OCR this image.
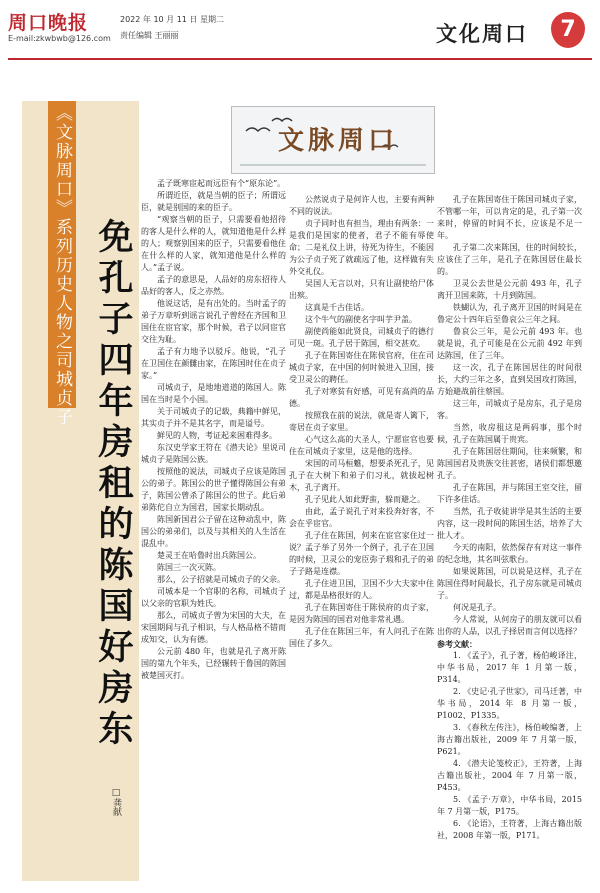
周口晚报
E-mail:zkwbwb@126.com
2022 年 10 月 11 日 星期二
责任编辑 王丽丽	文化周口	7
文脉周口
《文脉周口》系列历史人物之司城贞子 免孔子四年房租的陈国好房东
□龚献

孟子既寒宦起而远臣有个“原东论”。

所谓近臣，就是当朝的臣子；所谓远臣，就是别国的来的臣子。

“观察当朝的臣子，只需要看他招待的客人是什么样的人，就知道他是什么样的人；观察别国来的臣子，只需要看他住在什么样的人家，就知道他是什么样的人。”孟子说。

孟子的意思是，人品好的房东招待人品好的客人，反之亦然。

他说这话，是有出处的。当时孟子的弟子万章听到谣言说孔子曾经在齐国和卫国住在宦官家，那个时候，君子以同宦官交往为耻。

孟子有力地予以驳斥。他说，“孔子在卫国住在颜雠由家，在陈国时住在贞子家。”

司城贞子，是地地道道的陈国人。陈国在当时是个小国。

关于司城贞子的记载，典籍中鲜见，其实贞子并不是其名字，而是谥号。

鲜见的人物，考证起来困难得多。

东汉史学家王符在《潜夫论》里说司城贞子是陈国公族。

按照他的说法，司城贞子应该是陈国公的弟子。陈国公的世子懂得陈国公有弟子，陈国公曾杀了陈国公的世子。此后弟弟陈佗自立为国君，国家长期动乱。

陈国新国君公子留在这种动乱中，陈国公的弟弟们，以及与其相关的人生活在混乱中。

楚灵王在哈鲁时出兵陈国公。

陈国三一次灭陈。

那么，公子招就是司城贞子的父亲。

司城本是一个官职的名称，司城贞子以父亲的官职为姓氏。

那么，司城贞子曾为宋国的大夫，在宋国期间与孔子相识，与人格品格不错而成知交，认为有德。

公元前 480 年，也就是孔子离开陈国的第九个年头，已经辗转于鲁国的陈国被楚国灭打。

公然说贞子是何许人也，主要有两种不同的说法。

贞子同时也有担当，理由有两条：一是我们是国家的使者，君子不能有辱使命；二是礼仪上讲，待死为待生，不能因为公子贞子死了就疏远了他，这样做有失外交礼仪。

吴国人无言以对，只有让副使给尸体出殡。

这真是千古佳话。

这个牛气的副使名字叫芋尹盖。

副使尚能如此贤良，司城贞子的德行可见一斑。孔子居于陈国，相交甚欢。

孔子在陈国寄住在陈侯官府，住在司城贞子家，在中国的何时候进入卫国，接受卫灵公的聘任。

孔子对寒贫有好感，可见有高尚的品德。

按照我在前的说法，就是寄人篱下，寄居在贞子家里。

心气这么高的大圣人，宁愿宦官也要住在司城贞子家里，这是他的选择。

宋国的司马桓魋，想要杀死孔子，见孔子在大树下和弟子们习礼，就拔起树木，孔子离开。

孔子见此人如此野蛮，躲而避之。

由此，孟子说孔子对来投奔好客，不会在乎宦官。

孔子住在陈国，何来在宦官家住过一说？孟子举了另外一个例子，孔子在卫国的时候，卫灵公的宠臣弥子瑕和孔子的弟子子路是连襟。

孔子住进卫国，卫国不少大夫家中住过，都是品格很好的人。

孔子在陈国寄住于陈侯府的贞子家，是因为陈国的国君对他非常礼遇。

孔子住在陈国三年，有人问孔子在陈国住了多久。

孔子在陈国寄住于陈国司城贞子家，不管哪一年，可以肯定的是，孔子第一次来时，停留的时间不长，应该是不足一年。

孔子第二次来陈国，住的时间较长，应该住了三年，是孔子在陈国居住最长的。

卫灵公去世是公元前 493 年，孔子离开卫国来陈，十月到陈国。

铁蝴认为，孔子离开卫国的时间是在鲁定公十四年后至鲁哀公三年之间。

鲁哀公三年，是公元前 493 年。也就是说，孔子可能是在公元前 492 年到达陈国，住了三年。

这一次，孔子在陈国居住的时间很长，大约三年之多，直到吴国攻打陈国，方始避战前往蔡国。

这三年，司城贞子是房东，孔子是房客。

当然，收房租这是两码事，那个时候，孔子在陈国属于贵宾。

孔子在陈国居住期间，往来频繁，和陈国国君及贵族交往甚密，诸侯们都想邀孔子。

孔子在陈国，并与陈国王室交往，留下许多佳话。

当然，孔子收徒讲学是其生活的主要内容，这一段时间的陈国生活，培养了大批人才。

今天的南阳，依然保存有对这一事件的纪念地，其名叫弦歌台。

如果说陈国，可以说是这样，孔子在陈国住得时间最长，孔子房东就是司城贞子。

何况是孔子。

今人常说，从何房子的朋友就可以看出你的人品，以孔子择居而言何以选择？

参考文献：

1. 《孟子》，孔子著，杨伯峻译注，中华书局，2017 年 1 月第一版，P314。

2. 《史记·孔子世家》，司马迁著，中华书局，2014 年 8 月第一版，P1002、P1335。

3. 《春秋左传注》，杨伯峻编著，上海古籍出版社，2009 年 7 月第一版，P621。

4. 《潜夫论笺校正》，王符著，上海古籍出版社，2004 年 7 月第一版，P453。

5. 《孟子·万章》，中华书局，2015 年 7 月第一版，P175。

6. 《论语》，王符著，上海古籍出版社，2008 年第一版，P171。
